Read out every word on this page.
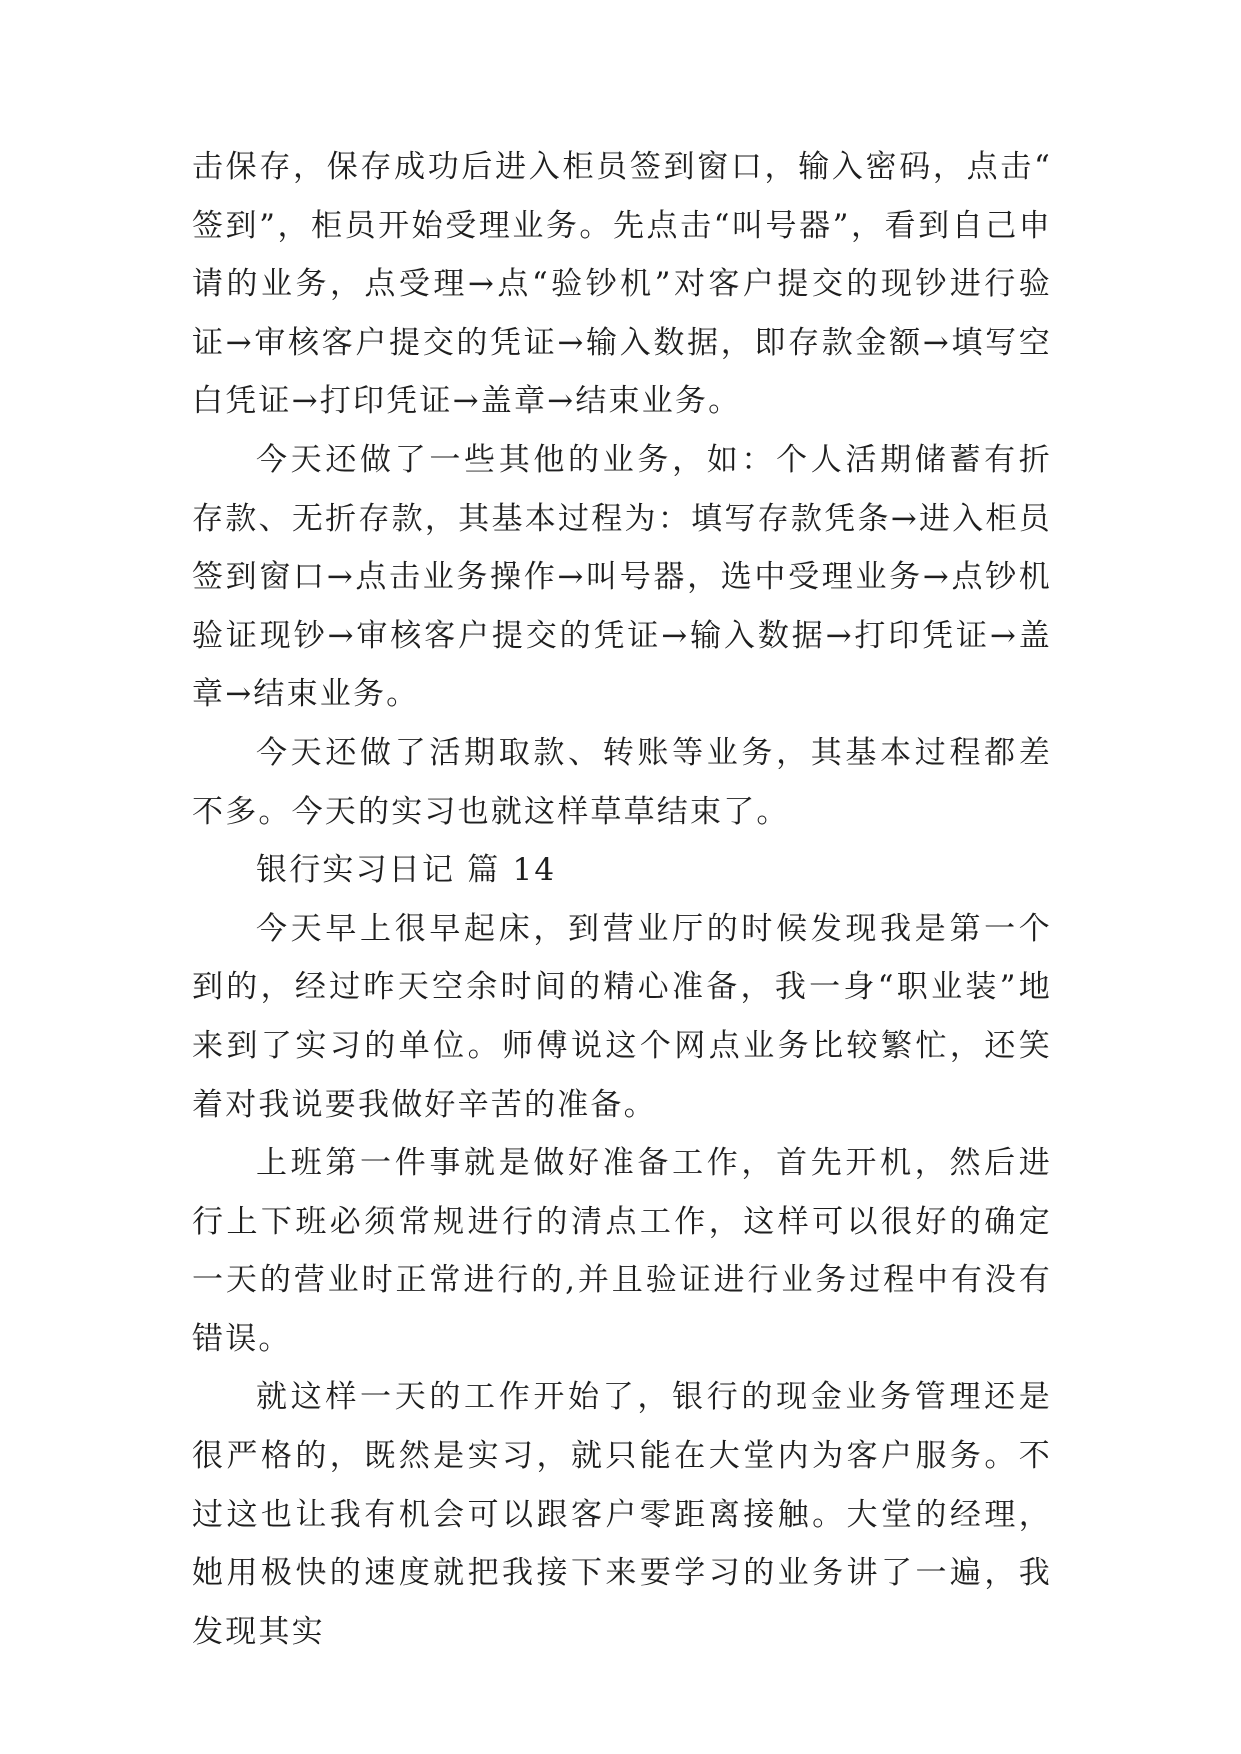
击保存，保存成功后进入柜员签到窗口，输入密码，点击“签到”，柜员开始受理业务。先点击“叫号器”，看到自己申请的业务，点受理→点“验钞机”对客户提交的现钞进行验证→审核客户提交的凭证→输入数据，即存款金额→填写空白凭证→打印凭证→盖章→结束业务。

今天还做了一些其他的业务，如：个人活期储蓄有折存款、无折存款，其基本过程为：填写存款凭条→进入柜员签到窗口→点击业务操作→叫号器，选中受理业务→点钞机验证现钞→审核客户提交的凭证→输入数据→打印凭证→盖章→结束业务。

今天还做了活期取款、转账等业务，其基本过程都差不多。今天的实习也就这样草草结束了。

银行实习日记 篇 14

今天早上很早起床，到营业厅的时候发现我是第一个到的，经过昨天空余时间的精心准备，我一身“职业装”地来到了实习的单位。师傅说这个网点业务比较繁忙，还笑着对我说要我做好辛苦的准备。

上班第一件事就是做好准备工作，首先开机，然后进行上下班必须常规进行的清点工作，这样可以很好的确定一天的营业时正常进行的,并且验证进行业务过程中有没有错误。

就这样一天的工作开始了，银行的现金业务管理还是很严格的，既然是实习，就只能在大堂内为客户服务。不过这也让我有机会可以跟客户零距离接触。大堂的经理，她用极快的速度就把我接下来要学习的业务讲了一遍，我发现其实
